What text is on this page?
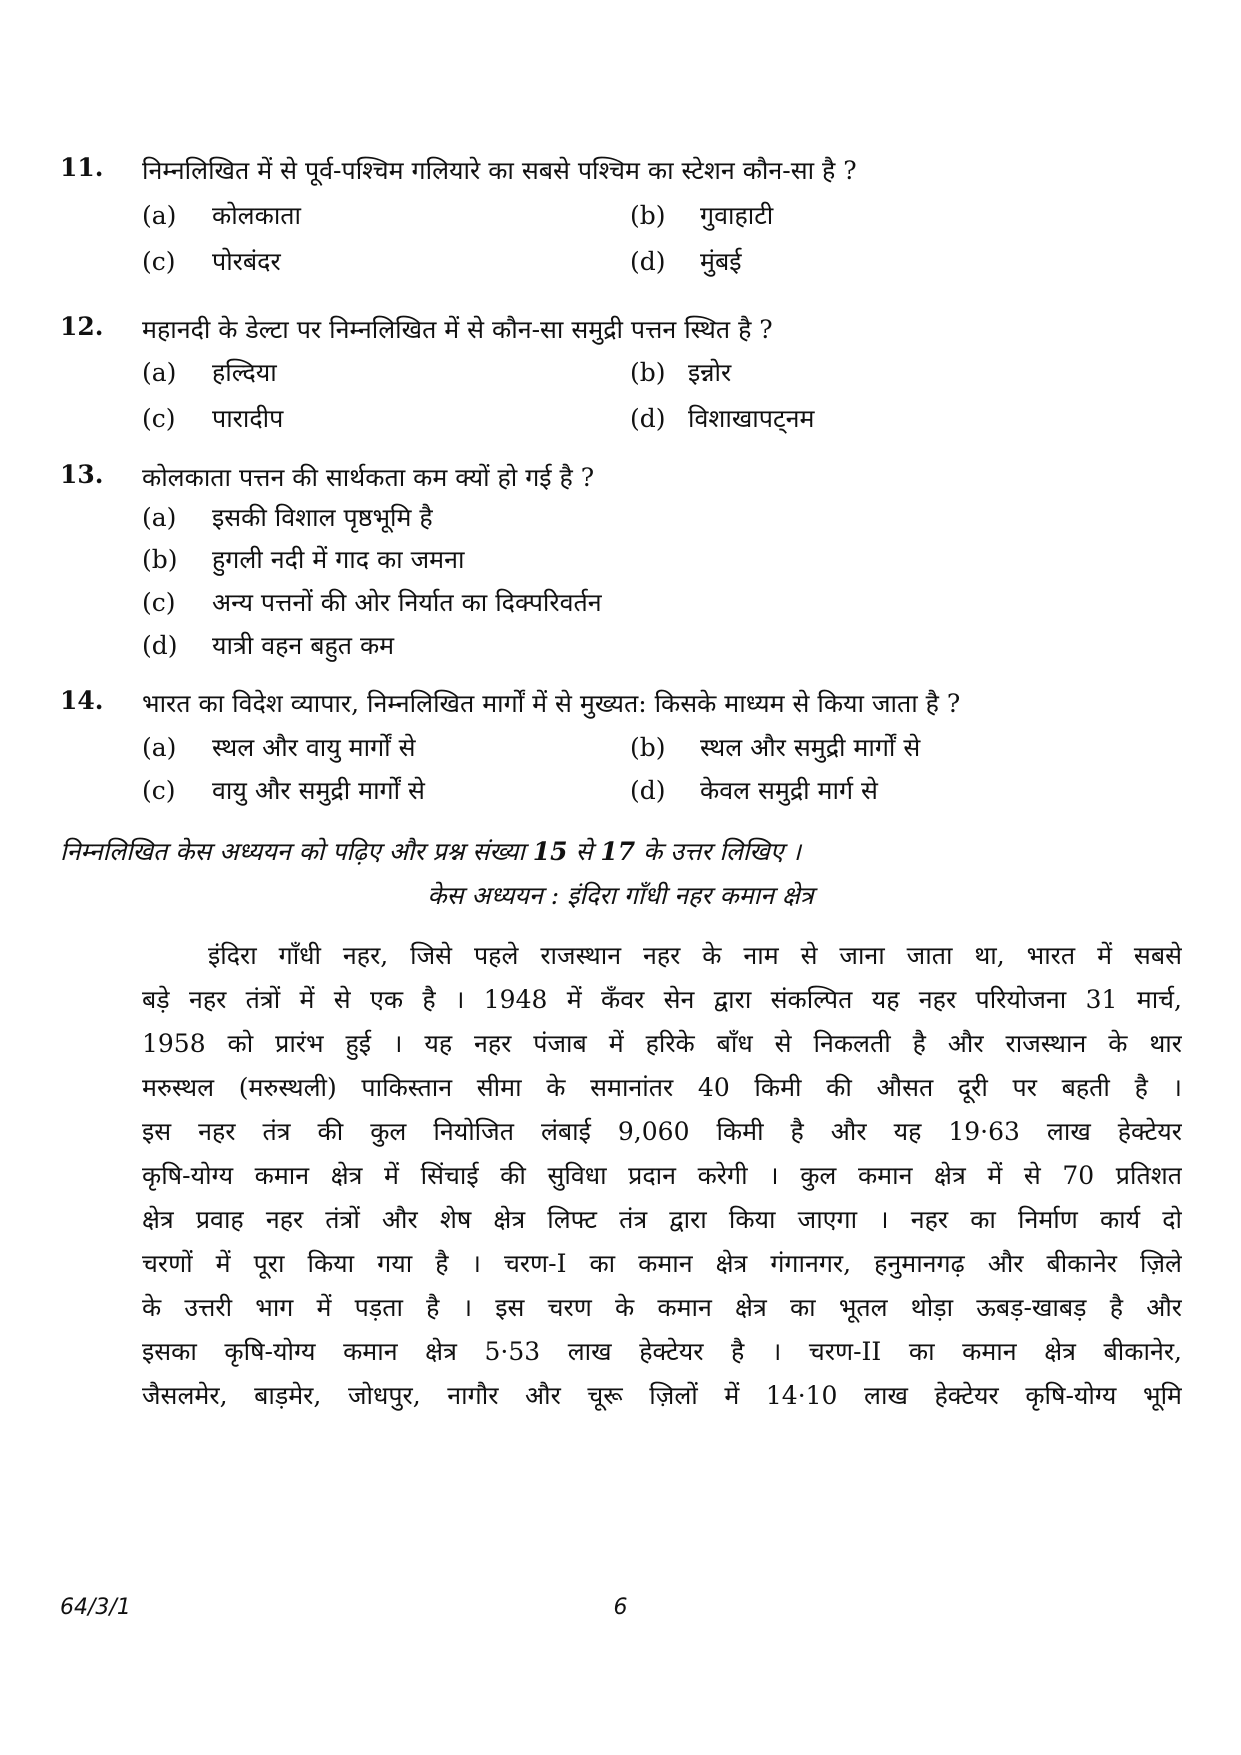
11. निम्नलिखित में से पूर्व-पश्चिम गलियारे का सबसे पश्चिम का स्टेशन कौन-सा है ?
(a) कोलकाता	(b) गुवाहाटी
(c) पोरबंदर	(d) मुंबई
12. महानदी के डेल्टा पर निम्नलिखित में से कौन-सा समुद्री पत्तन स्थित है ?
(a) हल्दिया	(b) इन्नोर
(c) पारादीप	(d) विशाखापट्नम
13. कोलकाता पत्तन की सार्थकता कम क्यों हो गई है ?
(a) इसकी विशाल पृष्ठभूमि है
(b) हुगली नदी में गाद का जमना
(c) अन्य पत्तनों की ओर निर्यात का दिक्परिवर्तन
(d) यात्री वहन बहुत कम
14. भारत का विदेश व्यापार, निम्नलिखित मार्गों में से मुख्यत: किसके माध्यम से किया जाता है ?
(a) स्थल और वायु मार्गों से	(b) स्थल और समुद्री मार्गों से
(c) वायु और समुद्री मार्गों से	(d) केवल समुद्री मार्ग से
निम्नलिखित केस अध्ययन को पढ़िए और प्रश्न संख्या 15 से 17 के उत्तर लिखिए ।
केस अध्ययन : इंदिरा गाँधी नहर कमान क्षेत्र
इंदिरा गाँधी नहर, जिसे पहले राजस्थान नहर के नाम से जाना जाता था, भारत में सबसे
बड़े नहर तंत्रों में से एक है । 1948 में कँवर सेन द्वारा संकल्पित यह नहर परियोजना 31 मार्च,
1958 को प्रारंभ हुई । यह नहर पंजाब में हरिके बाँध से निकलती है और राजस्थान के थार
मरुस्थल (मरुस्थली) पाकिस्तान सीमा के समानांतर 40 किमी की औसत दूरी पर बहती है ।
इस नहर तंत्र की कुल नियोजित लंबाई 9,060 किमी है और यह 19·63 लाख हेक्टेयर
कृषि-योग्य कमान क्षेत्र में सिंचाई की सुविधा प्रदान करेगी । कुल कमान क्षेत्र में से 70 प्रतिशत
क्षेत्र प्रवाह नहर तंत्रों और शेष क्षेत्र लिफ्ट तंत्र द्वारा किया जाएगा । नहर का निर्माण कार्य दो
चरणों में पूरा किया गया है । चरण-I का कमान क्षेत्र गंगानगर, हनुमानगढ़ और बीकानेर ज़िले
के उत्तरी भाग में पड़ता है । इस चरण के कमान क्षेत्र का भूतल थोड़ा ऊबड़-खाबड़ है और
इसका कृषि-योग्य कमान क्षेत्र 5·53 लाख हेक्टेयर है । चरण-II का कमान क्षेत्र बीकानेर,
जैसलमेर, बाड़मेर, जोधपुर, नागौर और चूरू ज़िलों में 14·10 लाख हेक्टेयर कृषि-योग्य भूमि
64/3/1	6
